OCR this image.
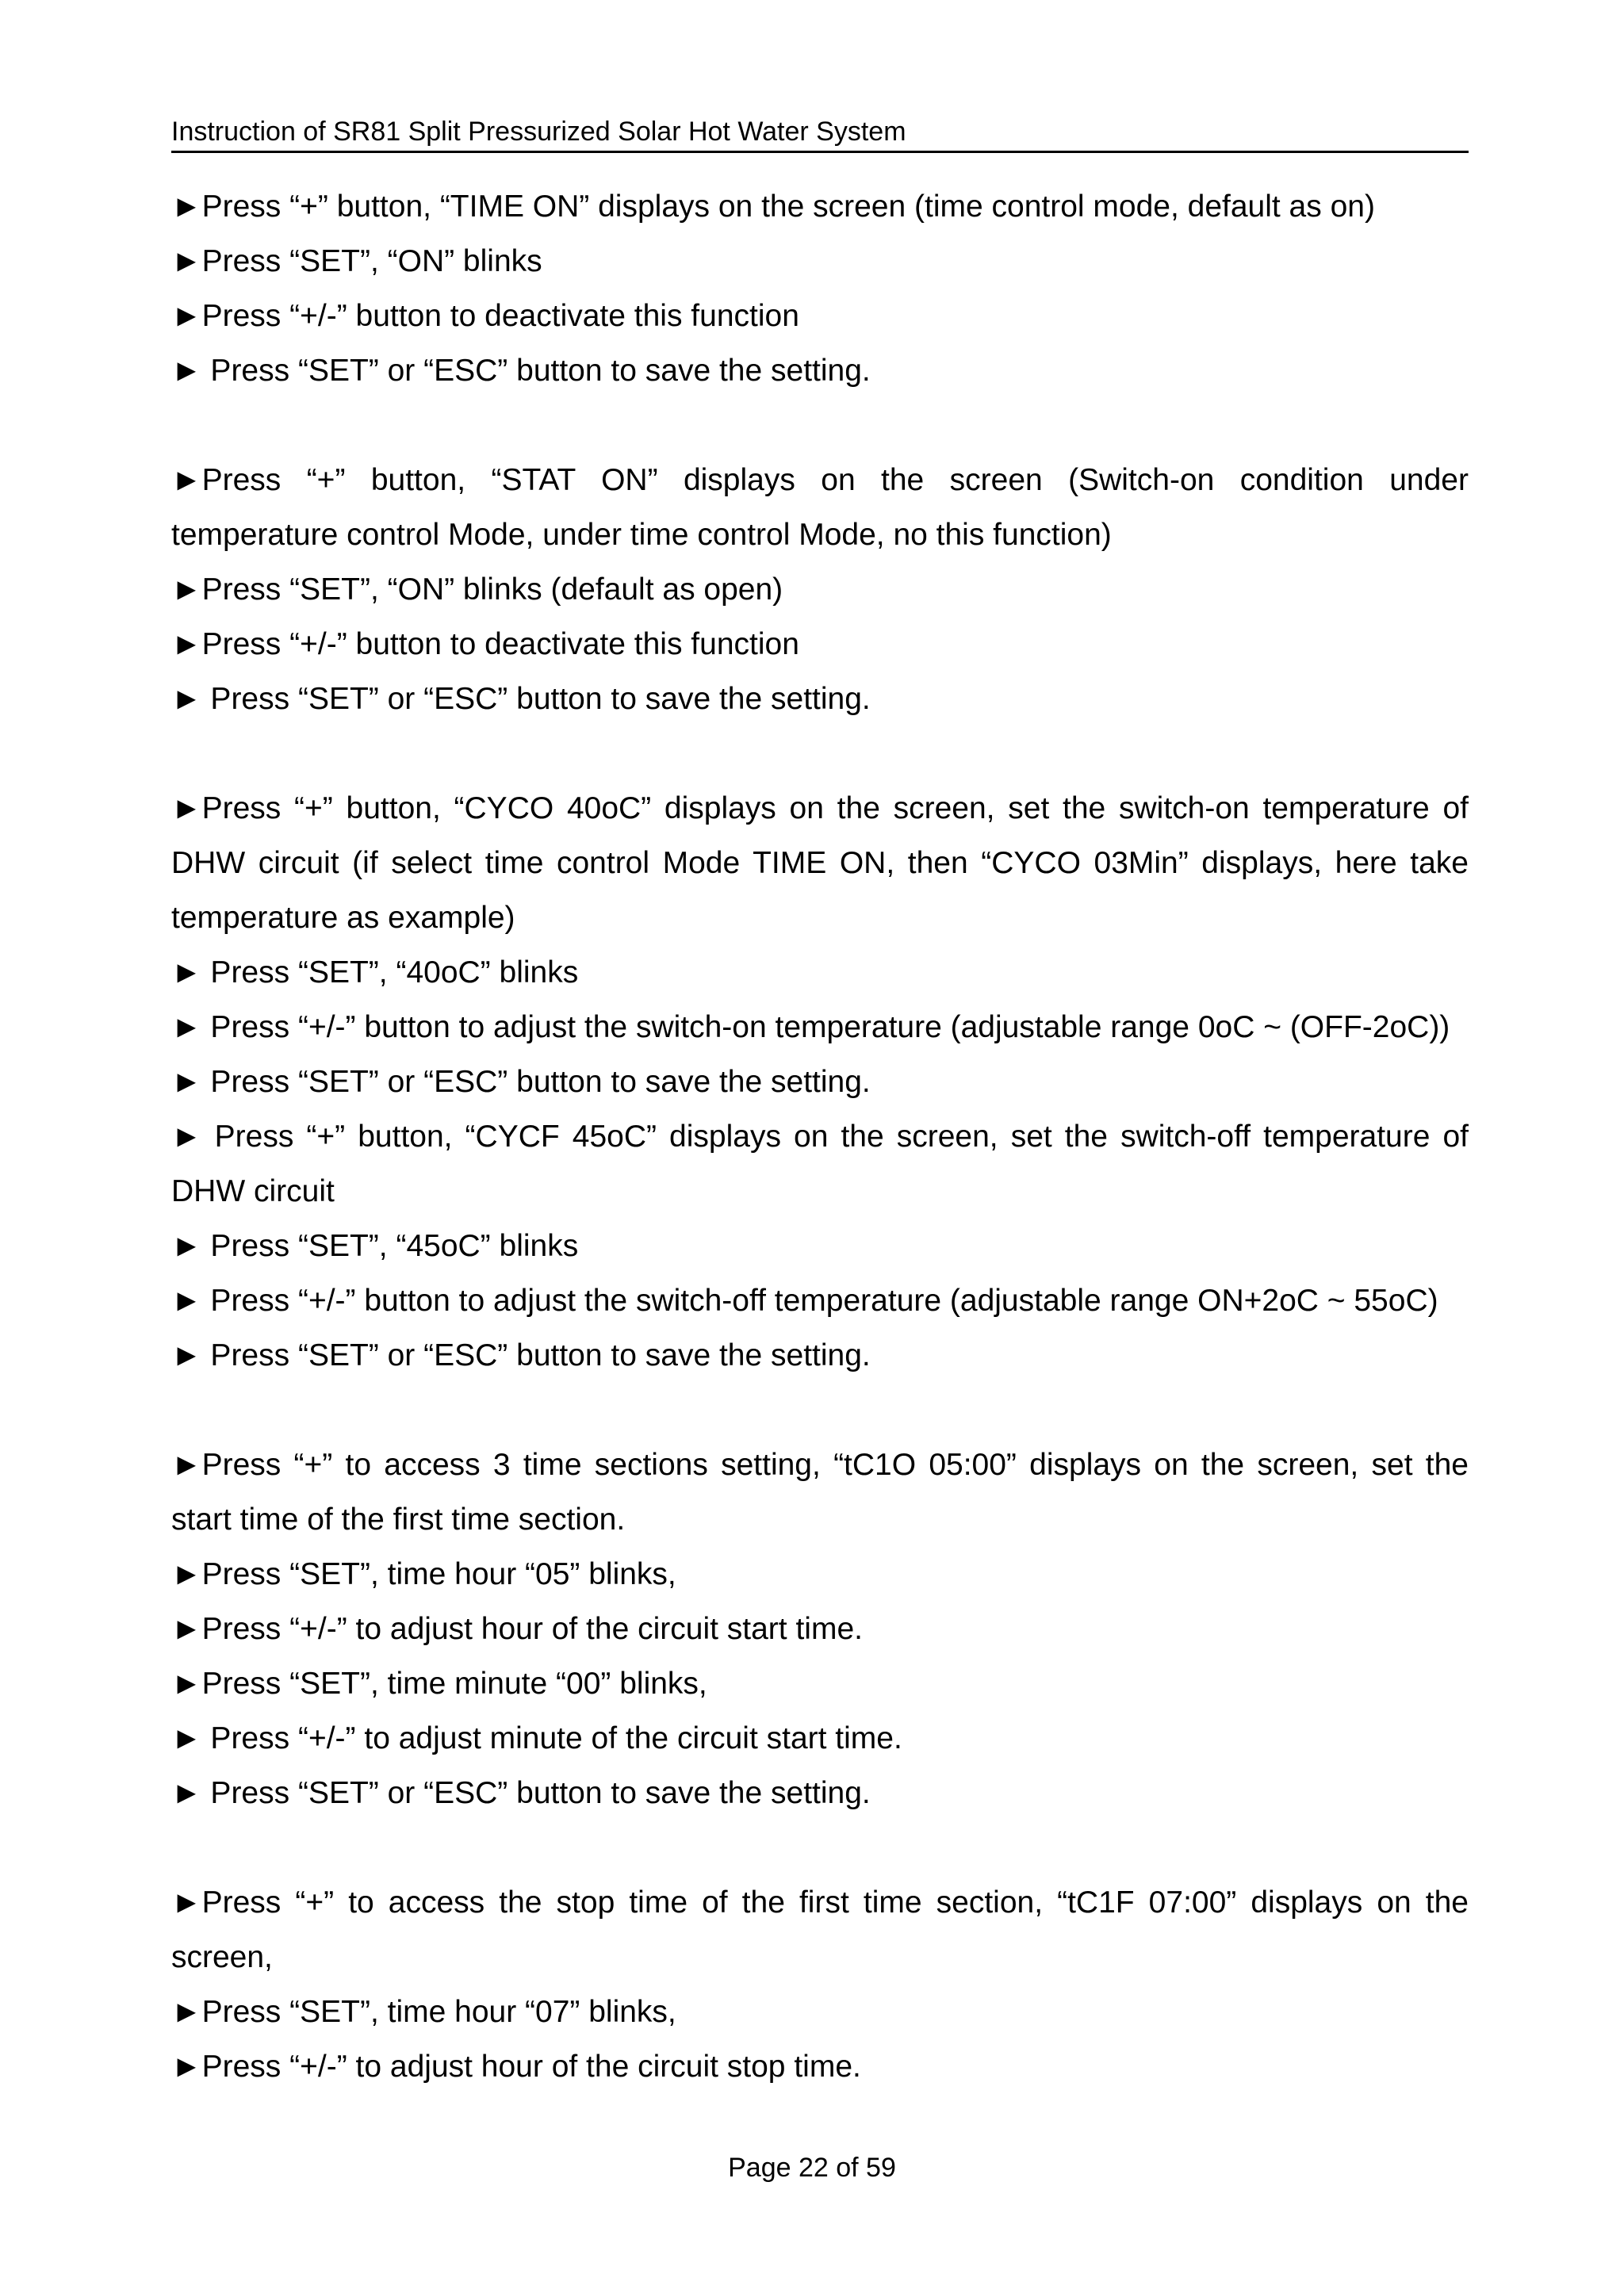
Instruction of SR81 Split Pressurized Solar Hot Water System
►Press “+” button, “TIME ON” displays on the screen (time control mode, default as on)
►Press “SET”, “ON” blinks
►Press “+/-” button to deactivate this function
► Press “SET” or “ESC” button to save the setting.
►Press “+” button, “STAT ON” displays on the screen (Switch-on condition under
temperature control Mode, under time control Mode, no this function)
►Press “SET”, “ON” blinks (default as open)
►Press “+/-” button to deactivate this function
► Press “SET” or “ESC” button to save the setting.
►Press “+” button, “CYCO 40oC” displays on the screen, set the switch-on temperature of
DHW circuit (if select time control Mode TIME ON, then “CYCO 03Min” displays, here take
temperature as example)
► Press “SET”, “40oC” blinks
► Press “+/-” button to adjust the switch-on temperature (adjustable range 0oC ~ (OFF-2oC))
► Press “SET” or “ESC” button to save the setting.
► Press “+” button, “CYCF 45oC” displays on the screen, set the switch-off temperature of
DHW circuit
► Press “SET”, “45oC” blinks
► Press “+/-” button to adjust the switch-off temperature (adjustable range ON+2oC ~ 55oC)
► Press “SET” or “ESC” button to save the setting.
►Press “+” to access 3 time sections setting, “tC1O 05:00” displays on the screen, set the
start time of the first time section.
►Press “SET”, time hour “05” blinks,
►Press “+/-” to adjust hour of the circuit start time.
►Press “SET”, time minute “00” blinks,
► Press “+/-” to adjust minute of the circuit start time.
► Press “SET” or “ESC” button to save the setting.
►Press “+” to access the stop time of the first time section, “tC1F 07:00” displays on the
screen,
►Press “SET”, time hour “07” blinks,
►Press “+/-” to adjust hour of the circuit stop time.
Page 22 of 59
